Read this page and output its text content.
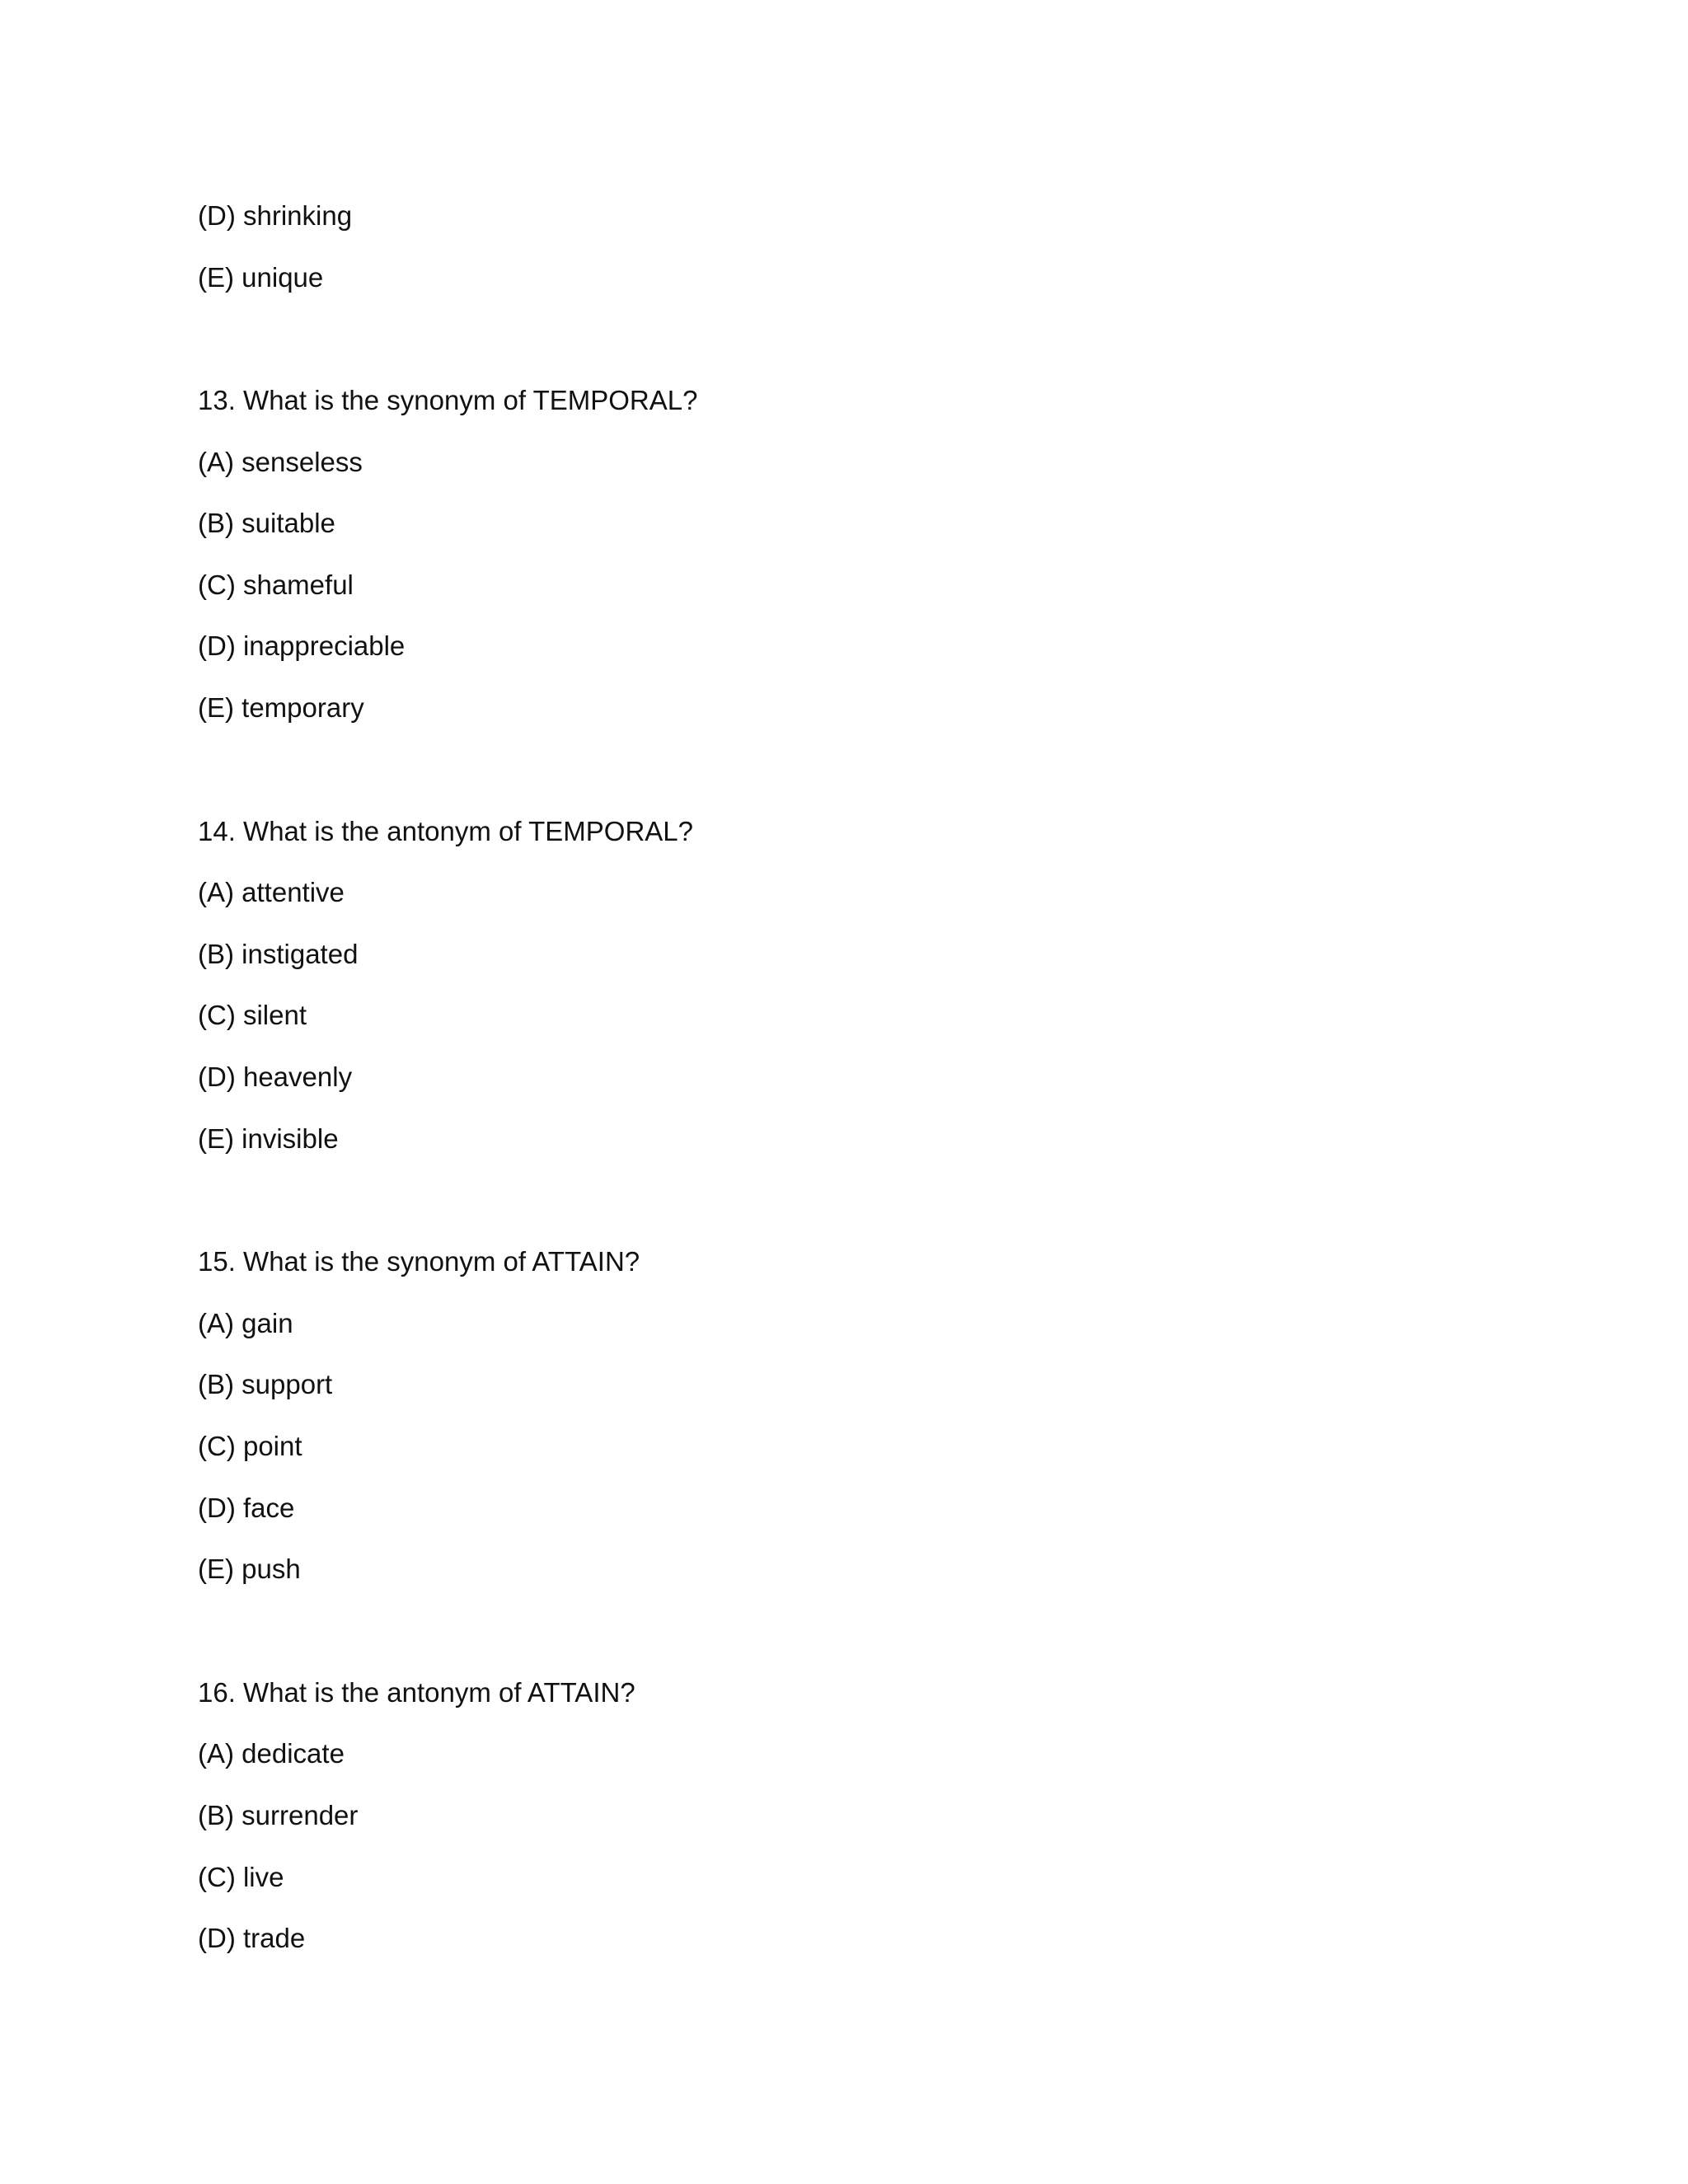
(D) shrinking
(E) unique
13. What is the synonym of TEMPORAL?
(A) senseless
(B) suitable
(C) shameful
(D) inappreciable
(E) temporary
14. What is the antonym of TEMPORAL?
(A) attentive
(B) instigated
(C) silent
(D) heavenly
(E) invisible
15. What is the synonym of ATTAIN?
(A) gain
(B) support
(C) point
(D) face
(E) push
16. What is the antonym of ATTAIN?
(A) dedicate
(B) surrender
(C) live
(D) trade
